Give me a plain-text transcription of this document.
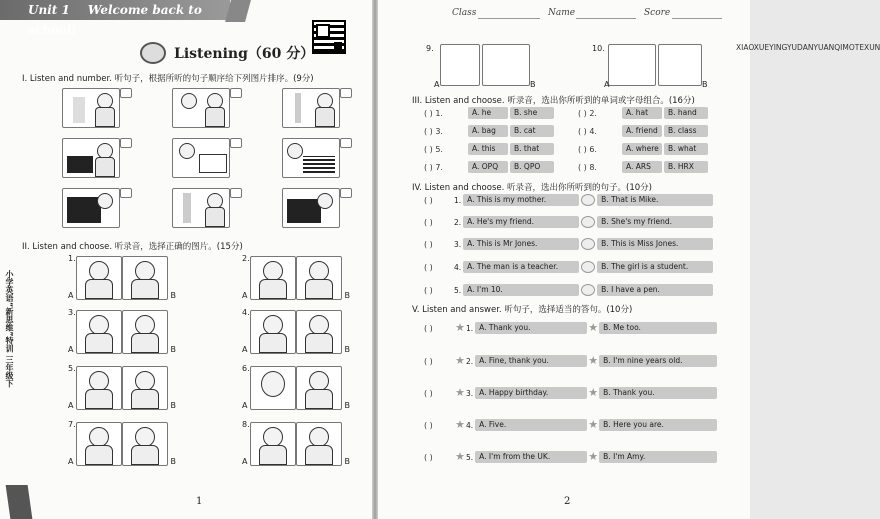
Unit 1 Welcome back to school!
Listening（60 分）
I. Listen and number. 听句子，根据所听的句子顺序给下列图片排序。(9分)
II. Listen and choose. 听录音，选择正确的图片。(15分)
1.
A	B
2.
A	B
3.
A	B
4.
A	B
5.
A	B
6.
A	B
7.
A	B
8.
A	B
小学英语“新思维”特训 三年级下
1
Class	Name	Score
XIAOXUEYINGYUDANYUANQIMOTEXUN
9.
A	B
10.
A	B
III. Listen and choose. 听录音，选出你所听到的单词或字母组合。(16分)
( ) 1.	A. he	B. she	( ) 2.	A. hat	B. hand
( ) 3.	A. bag	B. cat	( ) 4.	A. friend	B. class
( ) 5.	A. this	B. that	( ) 6.	A. where	B. what
( ) 7.	A. OPQ	B. QPO	( ) 8.	A. ARS	B. HRX
IV. Listen and choose. 听录音，选出你所听到的句子。(10分)
( )	1. A. This is my mother.	B. That is Mike.
( )	2. A. He's my friend.	B. She's my friend.
( )	3. A. This is Mr Jones.	B. This is Miss Jones.
( )	4. A. The man is a teacher.	B. The girl is a student.
( )	5. A. I'm 10.	B. I have a pen.
V. Listen and answer. 听句子，选择适当的答句。(10分)
( )	★ 1. A. Thank you.	★ B. Me too.
( )	★ 2. A. Fine, thank you.	★ B. I'm nine years old.
( )	★ 3. A. Happy birthday.	★ B. Thank you.
( )	★ 4. A. Five.	★ B. Here you are.
( )	★ 5. A. I'm from the UK.	★ B. I'm Amy.
2
